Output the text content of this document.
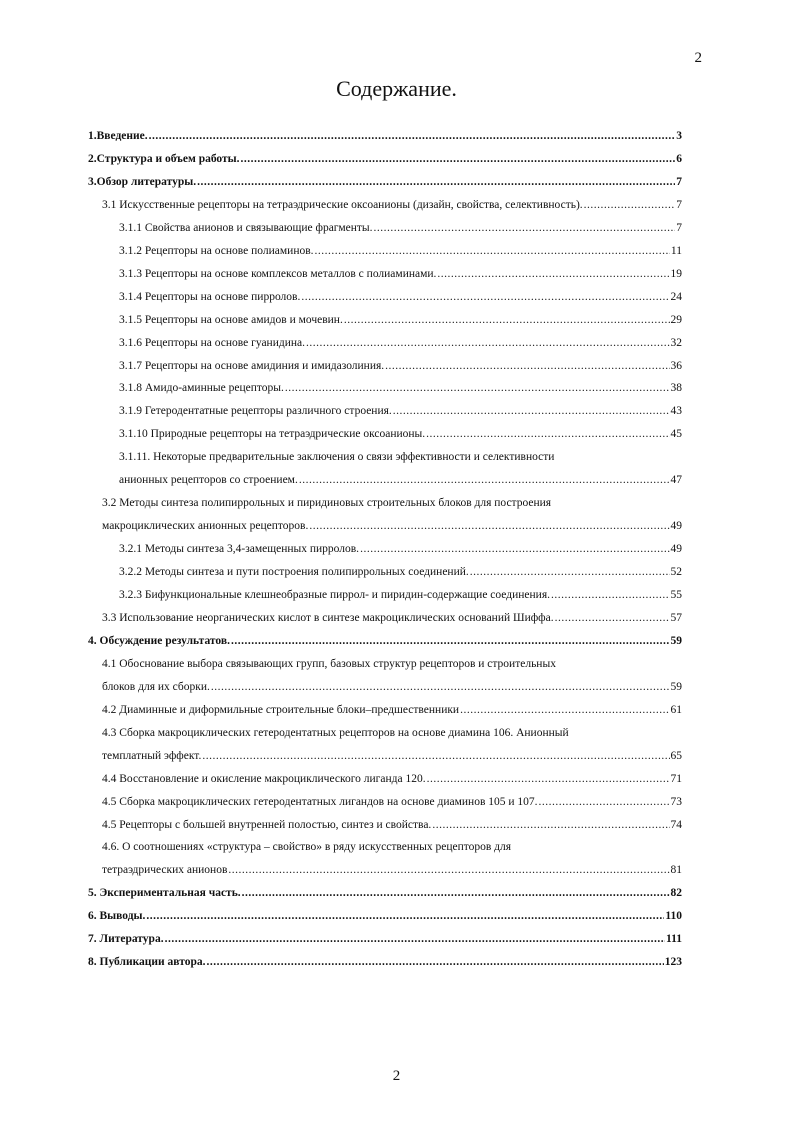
2
Содержание.
1.Введение. .....	3
2.Структура и объем работы. .....	6
3.Обзор литературы. .....	7
3.1 Искусственные рецепторы на тетраэдрические оксоанионы (дизайн, свойства, селективность). .....	7
3.1.1 Свойства анионов и связывающие фрагменты. .....	7
3.1.2 Рецепторы на основе полиаминов. .....	11
3.1.3 Рецепторы на основе комплексов металлов с полиаминами. .....	19
3.1.4 Рецепторы на основе пирролов. .....	24
3.1.5 Рецепторы на основе амидов и мочевин. .....	29
3.1.6 Рецепторы на основе гуанидина. .....	32
3.1.7 Рецепторы на основе амидиния и имидазолиния. .....	36
3.1.8 Амидо-аминные рецепторы. .....	38
3.1.9 Гетеродентатные рецепторы различного строения. .....	43
3.1.10 Природные рецепторы на тетраэдрические оксоанионы. .....	45
3.1.11. Некоторые предварительные заключения о связи эффективности и селективности
анионных рецепторов со строением. .....	47
3.2 Методы синтеза полипиррольных и пиридиновых строительных блоков для построения
макроциклических анионных рецепторов. .....	49
3.2.1 Методы синтеза 3,4-замещенных пирролов. .....	49
3.2.2 Методы синтеза и пути построения полипиррольных соединений. .....	52
3.2.3 Бифункциональные клешнеобразные пиррол- и пиридин-содержащие соединения. .....	55
3.3 Использование неорганических кислот в синтезе макроциклических оснований Шиффа. .....	57
4. Обсуждение результатов. .....	59
4.1 Обоснование выбора связывающих групп, базовых структур рецепторов и строительных
блоков для их сборки. .....	59
4.2 Диаминные и диформильные строительные блоки–предшественники .....	61
4.3 Сборка макроциклических гетеродентатных рецепторов на основе диамина 106. Анионный
темплатный эффект. .....	65
4.4 Восстановление и окисление макроциклического лиганда 120. .....	71
4.5 Сборка макроциклических гетеродентатных лигандов на основе диаминов 105 и 107. .....	73
4.5 Рецепторы с большей внутренней полостью, синтез и свойства. .....	74
4.6. О соотношениях «структура – свойство» в ряду искусственных рецепторов для
тетраэдрических анионов .....	81
5. Экспериментальная часть. .....	82
6. Выводы. .....	110
7. Литература. .....	111
8. Публикации автора. .....	123
2
